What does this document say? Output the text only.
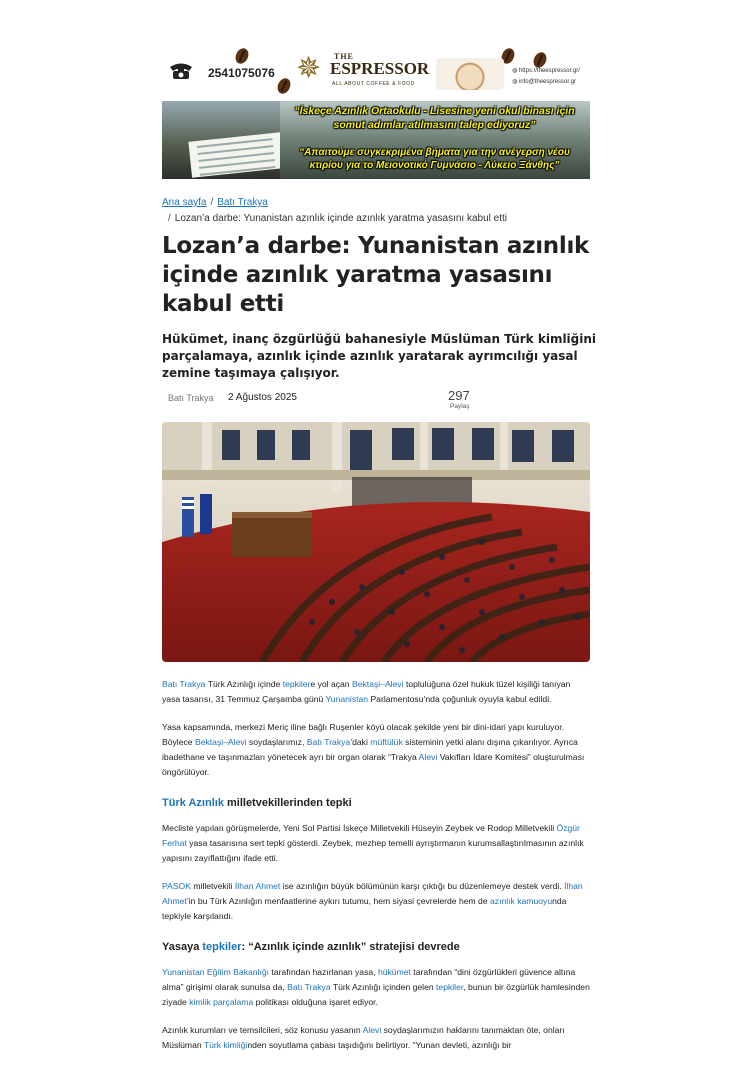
2541075076 ✵ THE
ESPRESSOR
ALL ABOUT COFFEE & FOOD
◍ https://theespressor.gr/
◍ info@theespressor.gr
“İskeçe Azınlık Ortaokulu - Lisesine yeni okul binası için somut adımlar atılmasını talep ediyoruz”
“Απαιτούμε συγκεκριμένα βήματα για την ανέγερση νέου κτιρίου για το Μειονοτικό Γυμνάσιο - Λύκειο Ξάνθης”
Ana sayfa / Batı Trakya
/ Lozan’a darbe: Yunanistan azınlık içinde azınlık yaratma yasasını kabul etti
Lozan’a darbe: Yunanistan azınlık içinde azınlık yaratma yasasını kabul etti

Hükümet, inanç özgürlüğü bahanesiyle Müslüman Türk kimliğini parçalamaya, azınlık içinde azınlık yaratarak ayrımcılığı yasal zemine taşımaya çalışıyor.

Batı Trakya 2 Ağustos 2025	297
Paylaş

Batı Trakya Türk Azınlığı içinde tepkilere yol açan Bektaşi–Alevi topluluğuna özel hukuk tüzel kişiliği tanıyan yasa tasarısı, 31 Temmuz Çarşamba günü Yunanistan Parlamentosu’nda çoğunluk oyuyla kabul edildi.

Yasa kapsamında, merkezi Meriç iline bağlı Ruşenler köyü olacak şekilde yeni bir dini-idari yapı kuruluyor. Böylece Bektaşi–Alevi soydaşlarımız, Batı Trakya’daki müftülük sisteminin yetki alanı dışına çıkarılıyor. Ayrıca ibadethane ve taşınmazları yönetecek ayrı bir organ olarak “Trakya Alevi Vakıfları İdare Komitesi” oluşturulması öngörülüyor.

Türk Azınlık milletvekillerinden tepki

Mecliste yapılan görüşmelerde, Yeni Sol Partisi İskeçe Milletvekili Hüseyin Zeybek ve Rodop Milletvekili Özgür Ferhat yasa tasarısına sert tepki gösterdi. Zeybek, mezhep temelli ayrıştırmanın kurumsallaştırılmasının azınlık yapısını zayıflattığını ifade etti.

PASOK milletvekili İlhan Ahmet ise azınlığın büyük bölümünün karşı çıktığı bu düzenlemeye destek verdi. İlhan Ahmet’in bu Türk Azınlığın menfaatlerine aykırı tutumu, hem siyasi çevrelerde hem de azınlık kamuoyunda tepkiyle karşılandı.

Yasaya tepkiler: “Azınlık içinde azınlık” stratejisi devrede

Yunanistan Eğitim Bakanlığı tarafından hazırlanan yasa, hükümet tarafından “dini özgürlükleri güvence altına alma” girişimi olarak sunulsa da, Batı Trakya Türk Azınlığı içinden gelen tepkiler, bunun bir özgürlük hamlesinden ziyade kimlik parçalama politikası olduğuna işaret ediyor.

Azınlık kurumları ve temsilcileri, söz konusu yasanın Alevi soydaşlarımızın haklarını tanımaktan öte, onları Müslüman Türk kimliğinden soyutlama çabası taşıdığını belirtiyor. “Yunan devleti, azınlığı bir
